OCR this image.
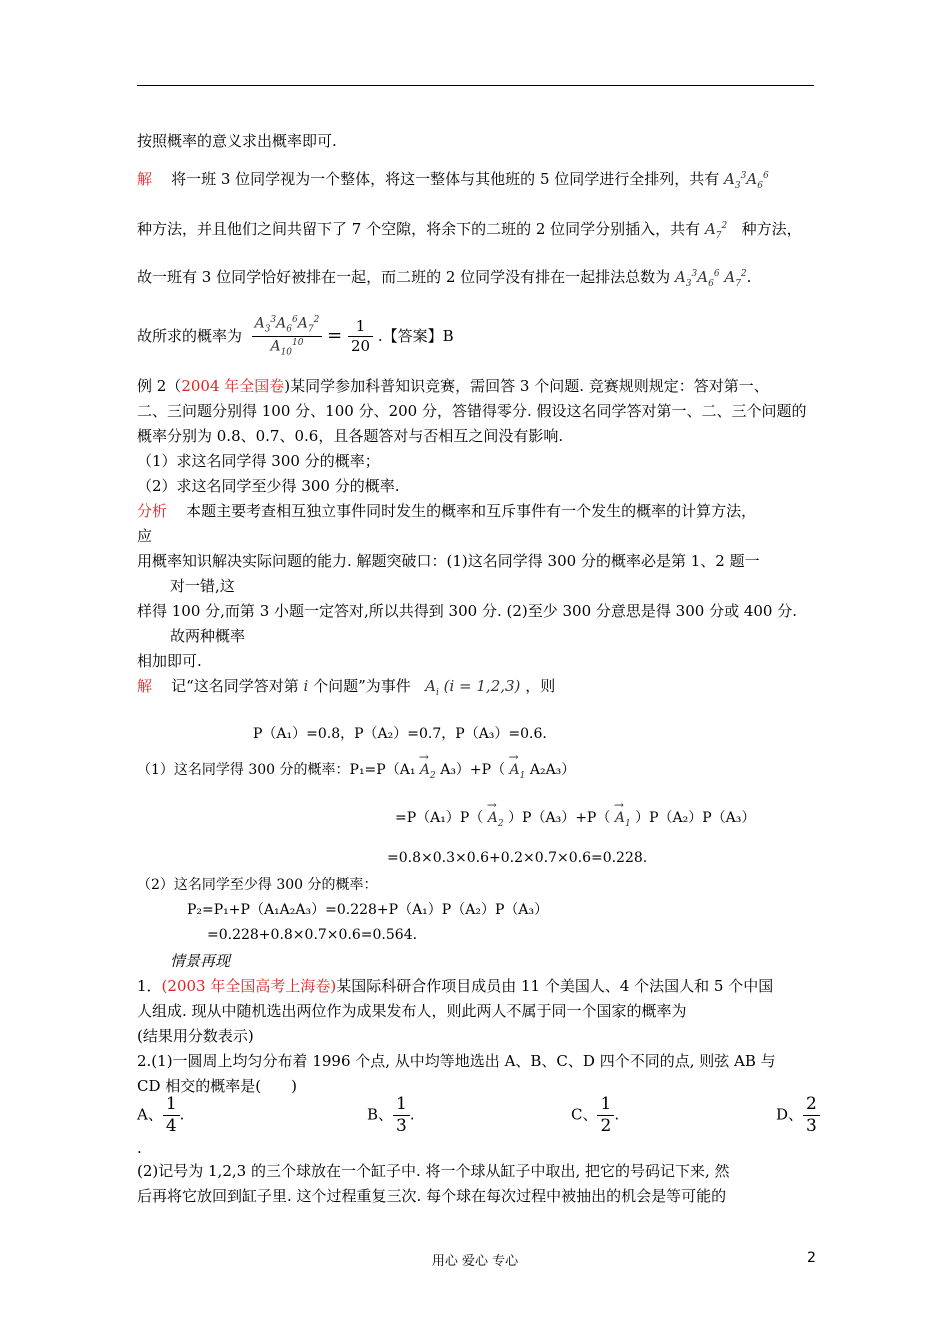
按照概率的意义求出概率即可.
解 将一班 3 位同学视为一个整体，将这一整体与其他班的 5 位同学进行全排列，共有 $A_3^3A_6^6$
种方法，并且他们之间共留下了 7 个空隙，将余下的二班的 2 位同学分别插入，共有 $A_7^2$ 种方法，
故一班有 3 位同学恰好被排在一起，而二班的 2 位同学没有排在一起排法总数为 $A_3^3A_6^6$ $A_7^2$.
故所求的概率为 $\frac{A_3^3A_6^6A_7^2}{A_{10}^{10}} = \frac{1}{20}$ .【答案】B
例 2（2004 年全国卷)某同学参加科普知识竞赛，需回答 3 个问题. 竞赛规则规定：答对第一、
二、三问题分别得 100 分、100 分、200 分，答错得零分. 假设这名同学答对第一、二、三个问题的
概率分别为 0.8、0.7、0.6，且各题答对与否相互之间没有影响.
（1）求这名同学得 300 分的概率；
（2）求这名同学至少得 300 分的概率.
分析 本题主要考查相互独立事件同时发生的概率和互斥事件有一个发生的概率的计算方法，
应
用概率知识解决实际问题的能力. 解题突破口：(1)这名同学得 300 分的概率必是第 1、2 题一
对一错,这
样得 100 分,而第 3 小题一定答对,所以共得到 300 分. (2)至少 300 分意思是得 300 分或 400 分.
故两种概率
相加即可.
解 记“这名同学答对第 i 个问题”为事件 $A_i$ (i = 1,2,3) ，则
P（A₁）=0.8，P（A₂）=0.7，P（A₃）=0.6.
（1）这名同学得 300 分的概率：$P_1=P(A_1 \to A_2$ $A_3)+P( \to A_1$ A₂A₃）
$=P(A_1)P( \to A_2$ ）$P(A_3)+P( \to A_1$ ）P（A₂）P（A₃）
=0.8×0.3×0.6+0.2×0.7×0.6=0.228.
（2）这名同学至少得 300 分的概率：
P₂=P₁+P（A₁A₂A₃）=0.228+P（A₁）P（A₂）P（A₃）
=0.228+0.8×0.7×0.6=0.564.
情景再现
1．(2003 年全国高考上海卷)某国际科研合作项目成员由 11 个美国人、4 个法国人和 5 个中国
人组成. 现从中随机选出两位作为成果发布人，则此两人不属于同一个国家的概率为
(结果用分数表示)
2.(1)一圆周上均匀分布着 1996 个点, 从中均等地选出 A、B、C、D 四个不同的点, 则弦 AB 与
CD 相交的概率是(　　)
A、 $\frac{1}{4}$ .	B、 $\frac{1}{3}$ .	C、 $\frac{1}{2}$ .	D、 $\frac{2}{3}$
.
(2)记号为 1,2,3 的三个球放在一个缸子中. 将一个球从缸子中取出, 把它的号码记下来, 然
后再将它放回到缸子里. 这个过程重复三次. 每个球在每次过程中被抽出的机会是等可能的
用心 爱心 专心	2
